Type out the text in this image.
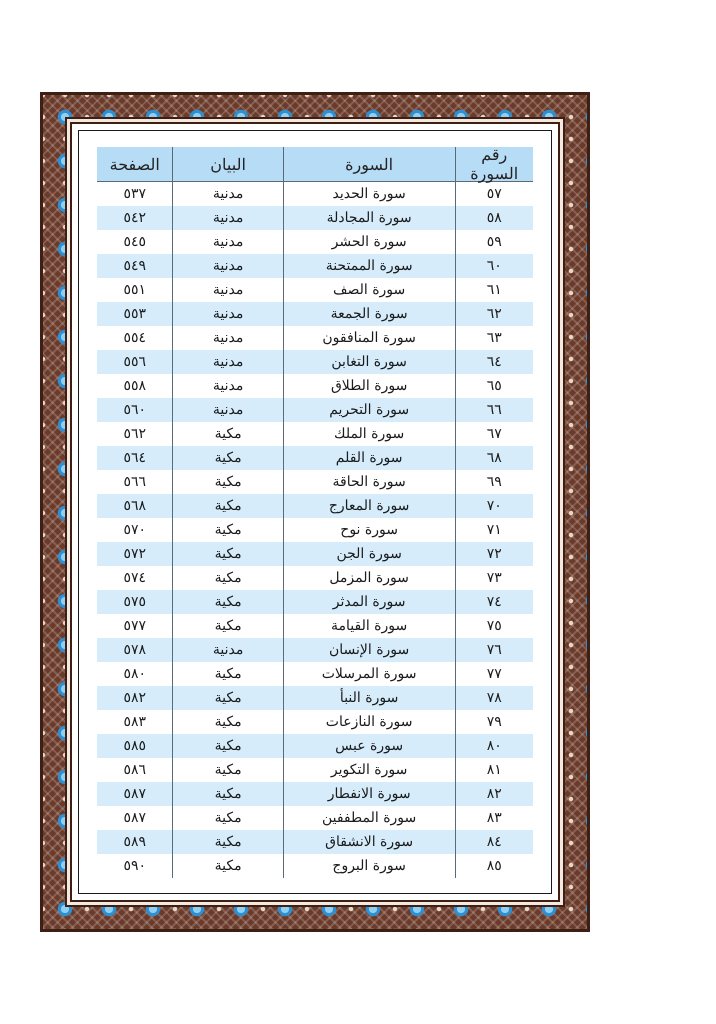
رقم السورة
السورة
البيان
الصفحة
٥٧
سورة الحديد
مدنية
٥٣٧
٥٨
سورة المجادلة
مدنية
٥٤٢
٥٩
سورة الحشر
مدنية
٥٤٥
٦٠
سورة الممتحنة
مدنية
٥٤٩
٦١
سورة الصف
مدنية
٥٥١
٦٢
سورة الجمعة
مدنية
٥٥٣
٦٣
سورة المنافقون
مدنية
٥٥٤
٦٤
سورة التغابن
مدنية
٥٥٦
٦٥
سورة الطلاق
مدنية
٥٥٨
٦٦
سورة التحريم
مدنية
٥٦٠
٦٧
سورة الملك
مكية
٥٦٢
٦٨
سورة القلم
مكية
٥٦٤
٦٩
سورة الحاقة
مكية
٥٦٦
٧٠
سورة المعارج
مكية
٥٦٨
٧١
سورة نوح
مكية
٥٧٠
٧٢
سورة الجن
مكية
٥٧٢
٧٣
سورة المزمل
مكية
٥٧٤
٧٤
سورة المدثر
مكية
٥٧٥
٧٥
سورة القيامة
مكية
٥٧٧
٧٦
سورة الإنسان
مدنية
٥٧٨
٧٧
سورة المرسلات
مكية
٥٨٠
٧٨
سورة النبأ
مكية
٥٨٢
٧٩
سورة النازعات
مكية
٥٨٣
٨٠
سورة عبس
مكية
٥٨٥
٨١
سورة التكوير
مكية
٥٨٦
٨٢
سورة الانفطار
مكية
٥٨٧
٨٣
سورة المطففين
مكية
٥٨٧
٨٤
سورة الانشقاق
مكية
٥٨٩
٨٥
سورة البروج
مكية
٥٩٠
